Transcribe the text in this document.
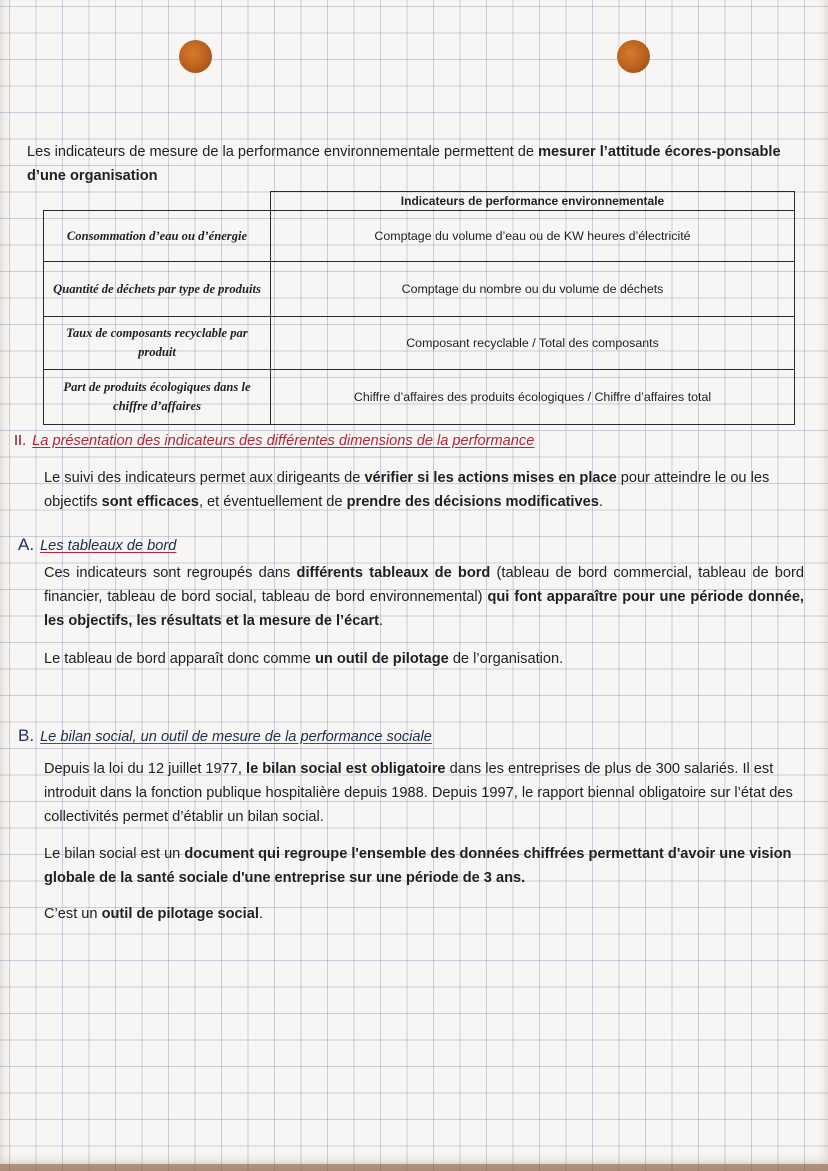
Les indicateurs de mesure de la performance environnementale permettent de mesurer l’attitude écores-ponsable d’une organisation

	Indicateurs de performance environnementale
Consommation d’eau ou d’énergie	Comptage du volume d’eau ou de KW heures d’électricité
Quantité de déchets par type de produits	Comptage du nombre ou du volume de déchets
Taux de composants recyclable par produit	Composant recyclable / Total des composants
Part de produits écologiques dans le chiffre d’affaires	Chiffre d’affaires des produits écologiques / Chiffre d’affaires total
II. La présentation des indicateurs des différentes dimensions de la performance

Le suivi des indicateurs permet aux dirigeants de vérifier si les actions mises en place pour atteindre le ou les objectifs sont efficaces, et éventuellement de prendre des décisions modificatives.

A. Les tableaux de bord

Ces indicateurs sont regroupés dans différents tableaux de bord (tableau de bord commercial, tableau de bord financier, tableau de bord social, tableau de bord environnemental) qui font apparaître pour une période donnée, les objectifs, les résultats et la mesure de l’écart.

Le tableau de bord apparaît donc comme un outil de pilotage de l’organisation.

B. Le bilan social, un outil de mesure de la performance sociale

Depuis la loi du 12 juillet 1977, le bilan social est obligatoire dans les entreprises de plus de 300 salariés. Il est introduit dans la fonction publique hospitalière depuis 1988. Depuis 1997, le rapport biennal obligatoire sur l’état des collectivités permet d’établir un bilan social.

Le bilan social est un document qui regroupe l'ensemble des données chiffrées permettant d'avoir une vision globale de la santé sociale d'une entreprise sur une période de 3 ans.

C’est un outil de pilotage social.
